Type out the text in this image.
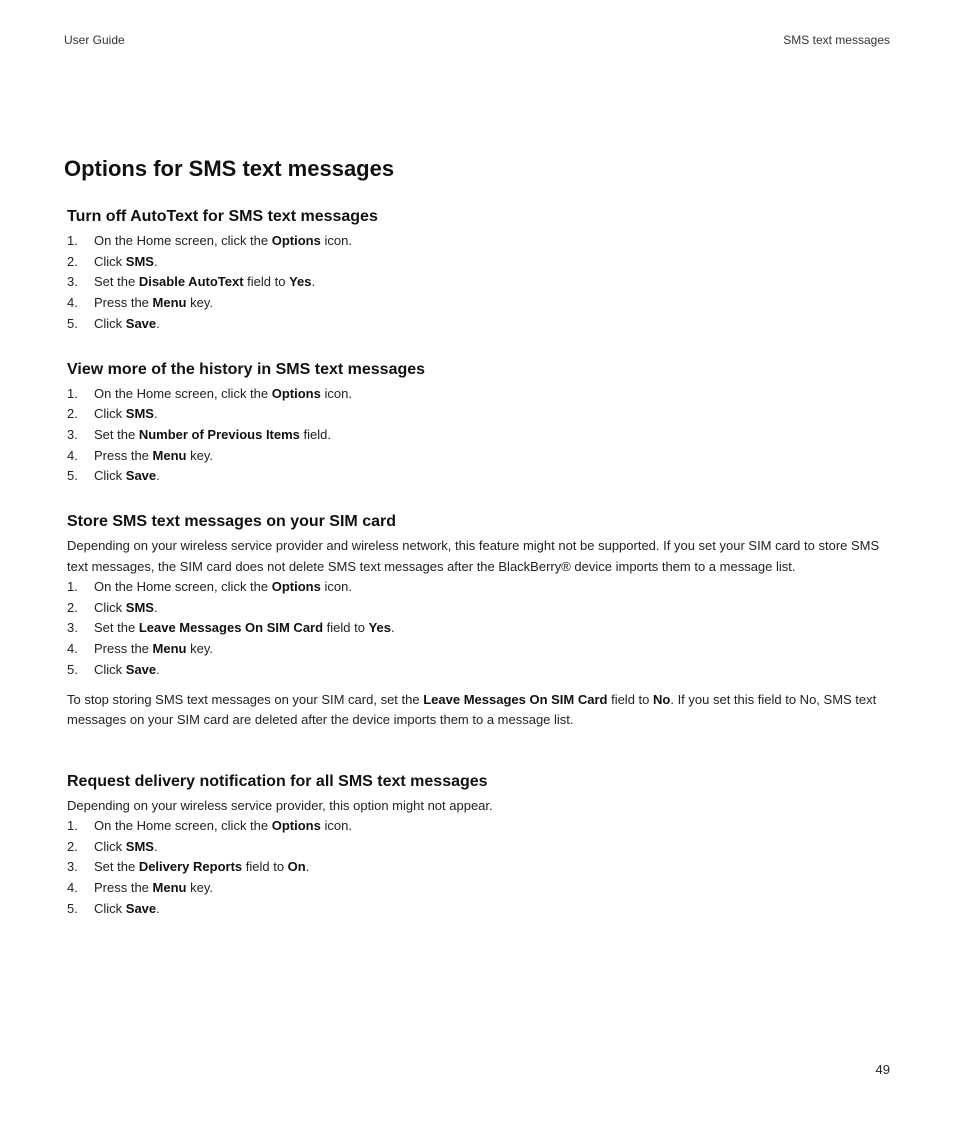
User Guide	SMS text messages
Options for SMS text messages
Turn off AutoText for SMS text messages
1. On the Home screen, click the Options icon.
2. Click SMS.
3. Set the Disable AutoText field to Yes.
4. Press the Menu key.
5. Click Save.
View more of the history in SMS text messages
1. On the Home screen, click the Options icon.
2. Click SMS.
3. Set the Number of Previous Items field.
4. Press the Menu key.
5. Click Save.
Store SMS text messages on your SIM card

Depending on your wireless service provider and wireless network, this feature might not be supported. If you set your SIM card to store SMS text messages, the SIM card does not delete SMS text messages after the BlackBerry® device imports them to a message list.

1. On the Home screen, click the Options icon.
2. Click SMS.
3. Set the Leave Messages On SIM Card field to Yes.
4. Press the Menu key.
5. Click Save.

To stop storing SMS text messages on your SIM card, set the Leave Messages On SIM Card field to No. If you set this field to No, SMS text messages on your SIM card are deleted after the device imports them to a message list.

Request delivery notification for all SMS text messages

Depending on your wireless service provider, this option might not appear.

1. On the Home screen, click the Options icon.
2. Click SMS.
3. Set the Delivery Reports field to On.
4. Press the Menu key.
5. Click Save.
49
